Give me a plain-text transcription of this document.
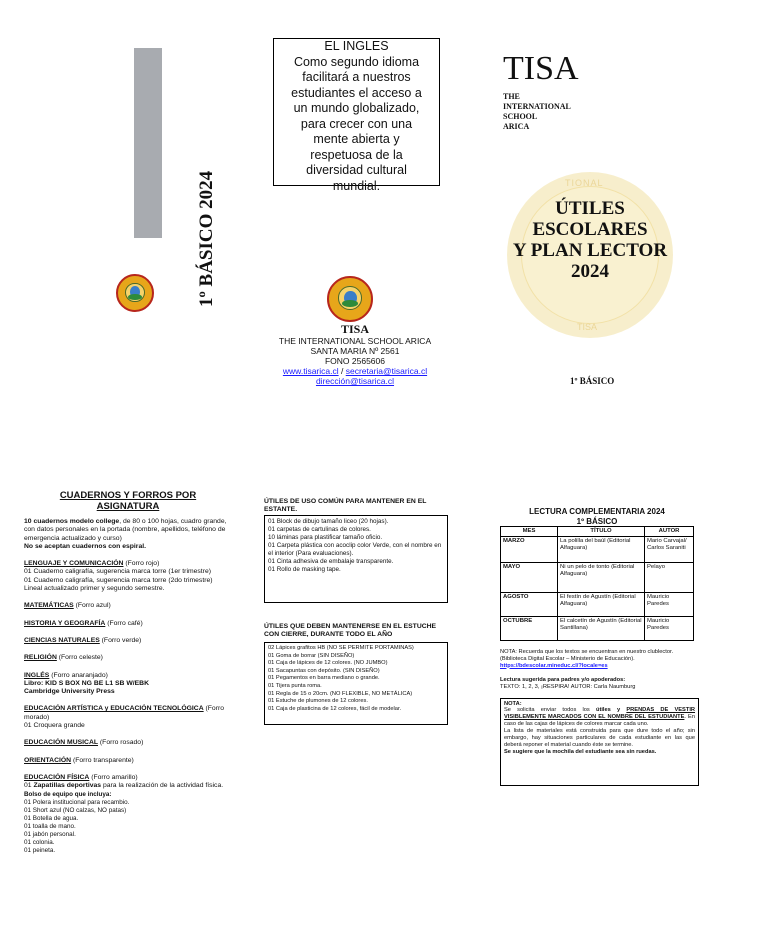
1º BÁSICO 2024
EL INGLES
Como segundo idioma
facilitará a nuestros
estudiantes el acceso a
un mundo globalizado,
para crecer con una
mente abierta y
respetuosa de la
diversidad cultural
mundial.
TISA
THE INTERNATIONAL SCHOOL ARICA
SANTA MARIA Nº 2561
FONO 2565606
www.tisarica.cl / secretaria@tisarica.cl
dirección@tisarica.cl
TISA
THE
INTERNATIONAL
SCHOOL
ARICA
TIONAL
TISA
ÚTILES
ESCOLARES
Y PLAN LECTOR
2024
1º BÁSICO
CUADERNOS Y FORROS POR
ASIGNATURA

10 cuadernos modelo college, de 80 o 100 hojas, cuadro grande, con datos personales en la portada (nombre, apellidos, teléfono de emergencia actualizado y curso)
No se aceptan cuadernos con espiral.

LENGUAJE Y COMUNICACIÓN (Forro rojo)

01 Cuaderno caligrafía, sugerencia marca torre (1er trimestre)

01 Cuaderno caligrafía, sugerencia marca torre (2do trimestre)

Lineal actualizado primer y segundo semestre.

MATEMÁTICAS (Forro azul)

HISTORIA Y GEOGRAFÍA (Forro café)

CIENCIAS NATURALES (Forro verde)

RELIGIÓN (Forro celeste)

INGLÉS (Forro anaranjado)

Libro: KID S BOX NG BE L1 SB W/EBK

Cambridge University Press

EDUCACIÓN ARTÍSTICA y EDUCACIÓN TECNOLÓGICA (Forro morado)

01 Croquera grande

EDUCACIÓN MUSICAL (Forro rosado)

ORIENTACIÓN (Forro transparente)

EDUCACIÓN FÍSICA (Forro amarillo)

01 Zapatillas deportivas para la realización de la actividad física.

Bolso de equipo que incluya:

01 Polera institucional para recambio.
01 Short azul (NO calzas, NO patas)
01 Botella de agua.
01 toalla de mano.
01 jabón personal.
01 colonia.
01 peineta.
ÚTILES DE USO COMÚN PARA MANTENER EN EL ESTANTE.
01 Block de dibujo tamaño liceo (20 hojas).
01 carpetas de cartulinas de colores.
10 láminas para plastificar tamaño oficio.
01 Carpeta plástica con acoclip color Verde, con el nombre en el interior (Para evaluaciones).
01 Cinta adhesiva de embalaje transparente.
01 Rollo de masking tape.
ÚTILES QUE DEBEN MANTENERSE EN EL ESTUCHE CON CIERRE, DURANTE TODO EL AÑO
02 Lápices grafitos HB (NO SE PERMITE PORTAMINAS)
01 Goma de borrar (SIN DISEÑO)
01 Caja de lápices de 12 colores. (NO JUMBO)
01 Sacapuntas con depósito. (SIN DISEÑO)
01 Pegamentos en barra mediano o grande.
01 Tijera punta roma.
01 Regla de 15 o 20cm. (NO FLEXIBLE, NO METÁLICA)
01 Estuche de plumones de 12 colores.
01 Caja de plasticina de 12 colores, fácil de modelar.
LECTURA COMPLEMENTARIA 2024
1º BÁSICO
MES	TÍTULO	AUTOR
MARZO	La polilla del baúl (Editorial Alfaguara)	Mario Carvajal/ Carlos Saraniti
MAYO	Ni un pelo de tonto (Editorial Alfaguara)	Pelayo
AGOSTO	El festín de Agustín (Editorial Alfaguara)	Mauricio Paredes
OCTUBRE	El calcetín de Agustín (Editorial Santillana)	Mauricio Paredes
NOTA: Recuerda que los textos se encuentran en nuestro clublector. (Biblioteca Digital Escolar – Ministerio de Educación). https://bdescolar.mineduc.cl/?locale=es
Lectura sugerida para padres y/o apoderados:
TEXTO: 1, 2, 3, ¡RESPIRA! AUTOR: Carla Naumburg
NOTA:
Se solicita enviar todos los útiles y PRENDAS DE VESTIR VISIBLEMENTE MARCADOS CON EL NOMBRE DEL ESTUDIANTE. En caso de las cajas de lápices de colores marcar cada uno.
La lista de materiales está construida para que dure todo el año; sin embargo, hay situaciones particulares de cada estudiante en las que deberá reponer el material cuando éste se termine.
Se sugiere que la mochila del estudiante sea sin ruedas.
